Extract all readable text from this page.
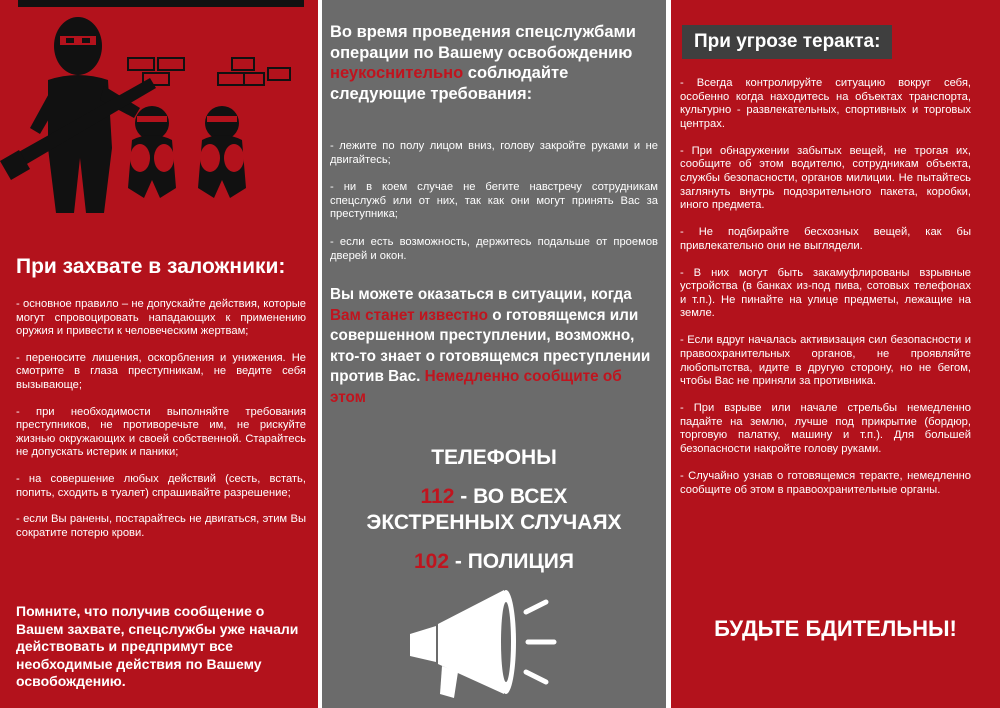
При захвате в заложники:

- основное правило – не допускайте действия, которые могут спровоцировать нападающих к применению оружия и привести к человеческим жертвам;

- переносите лишения, оскорбления и унижения. Не смотрите в глаза преступникам, не ведите себя вызывающе;

- при необходимости выполняйте требования преступников, не противоречьте им, не рискуйте жизнью окружающих и своей собственной. Старайтесь не допускать истерик и паники;

- на совершение любых действий (сесть, встать, попить, сходить в туалет) спрашивайте разрешение;

- если Вы ранены, постарайтесь не двигаться, этим Вы сократите потерю крови.

Помните, что получив сообщение о Вашем захвате, спецслужбы уже начали действовать и предпримут все необходимые действия по Вашему освобождению.

Во время проведения спецслужбами операции по Вашему освобождению неукоснительно соблюдайте следующие требования:

- лежите по полу лицом вниз, голову закройте руками и не двигайтесь;

- ни в коем случае не бегите навстречу сотрудникам спецслужб или от них, так как они могут принять Вас за преступника;

- если есть возможность, держитесь подальше от проемов дверей и окон.

Вы можете оказаться в ситуации, когда Вам станет известно о готовящемся или совершенном преступлении, возможно, кто-то знает о готовящемся преступлении против Вас. Немедленно сообщите об этом

ТЕЛЕФОНЫ

112 - ВО ВСЕХ

ЭКСТРЕННЫХ СЛУЧАЯХ

102 - ПОЛИЦИЯ

При угрозе теракта:

- Всегда контролируйте ситуацию вокруг себя, особенно когда находитесь на объектах транспорта, культурно - развлекательных, спортивных и торговых центрах.

- При обнаружении забытых вещей, не трогая их, сообщите об этом водителю, сотрудникам объекта, службы безопасности, органов милиции. Не пытайтесь заглянуть внутрь подозрительного пакета, коробки, иного предмета.

- Не подбирайте бесхозных вещей, как бы привлекательно они не выглядели.

- В них могут быть закамуфлированы взрывные устройства (в банках из-под пива, сотовых телефонах и т.п.). Не пинайте на улице предметы, лежащие на земле.

- Если вдруг началась активизация сил безопасности и правоохранительных органов, не проявляйте любопытства, идите в другую сторону, но не бегом, чтобы Вас не приняли за противника.

- При взрыве или начале стрельбы немедленно падайте на землю, лучше под прикрытие (бордюр, торговую палатку, машину и т.п.). Для большей безопасности накройте голову руками.

- Случайно узнав о готовящемся теракте, немедленно сообщите об этом в правоохранительные органы.

БУДЬТЕ БДИТЕЛЬНЫ!
